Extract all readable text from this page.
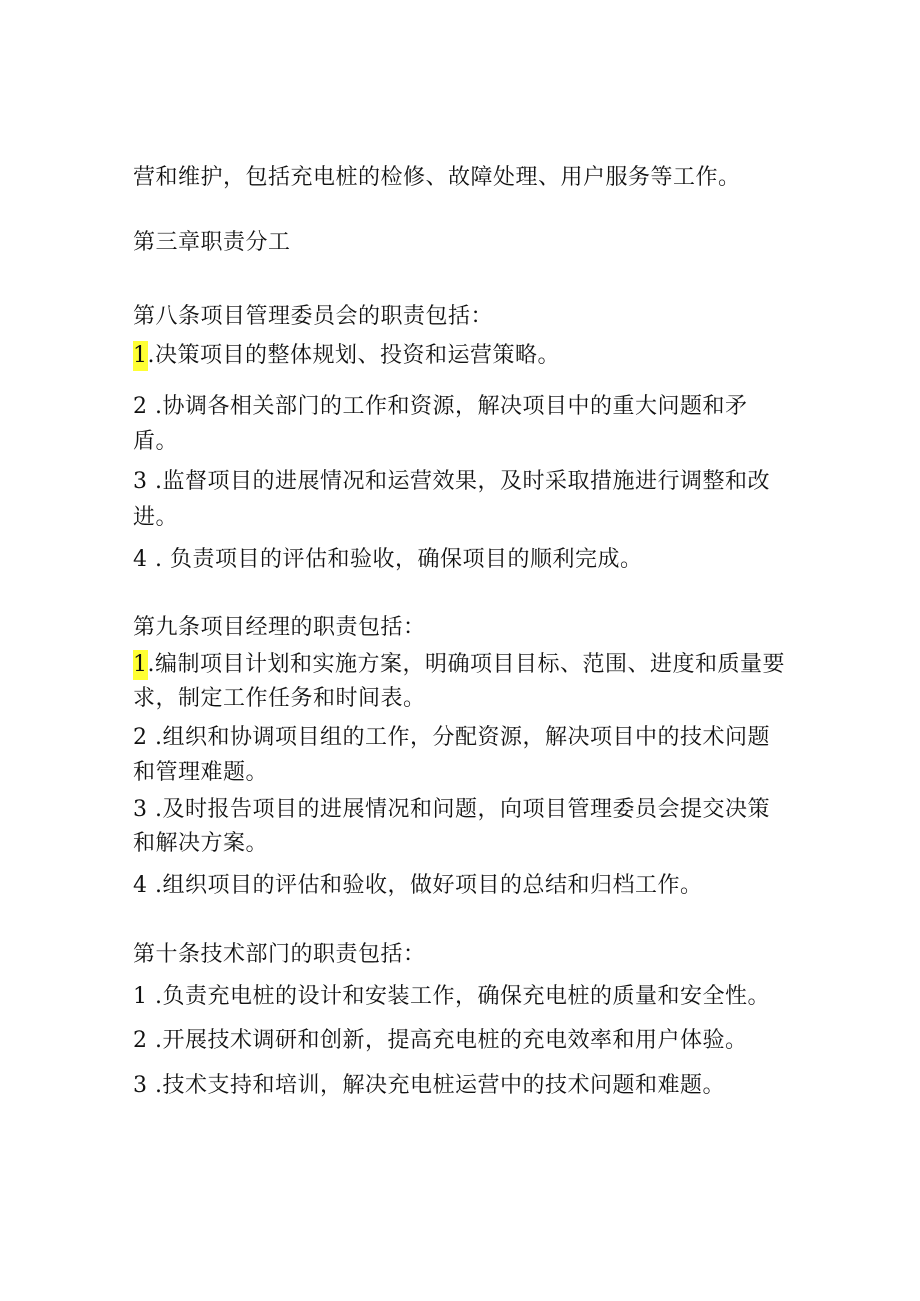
营和维护，包括充电桩的检修、故障处理、用户服务等工作。
第三章职责分工
第八条项目管理委员会的职责包括：
1.决策项目的整体规划、投资和运营策略。
2 .协调各相关部门的工作和资源，解决项目中的重大问题和矛
盾。
3 .监督项目的进展情况和运营效果，及时采取措施进行调整和改
进。
4 . 负责项目的评估和验收，确保项目的顺利完成。
第九条项目经理的职责包括：
1.编制项目计划和实施方案，明确项目目标、范围、进度和质量要
求，制定工作任务和时间表。
2 .组织和协调项目组的工作，分配资源，解决项目中的技术问题
和管理难题。
3 .及时报告项目的进展情况和问题，向项目管理委员会提交决策
和解决方案。
4 .组织项目的评估和验收，做好项目的总结和归档工作。
第十条技术部门的职责包括：
1 .负责充电桩的设计和安装工作，确保充电桩的质量和安全性。
2 .开展技术调研和创新，提高充电桩的充电效率和用户体验。
3 .技术支持和培训，解决充电桩运营中的技术问题和难题。
